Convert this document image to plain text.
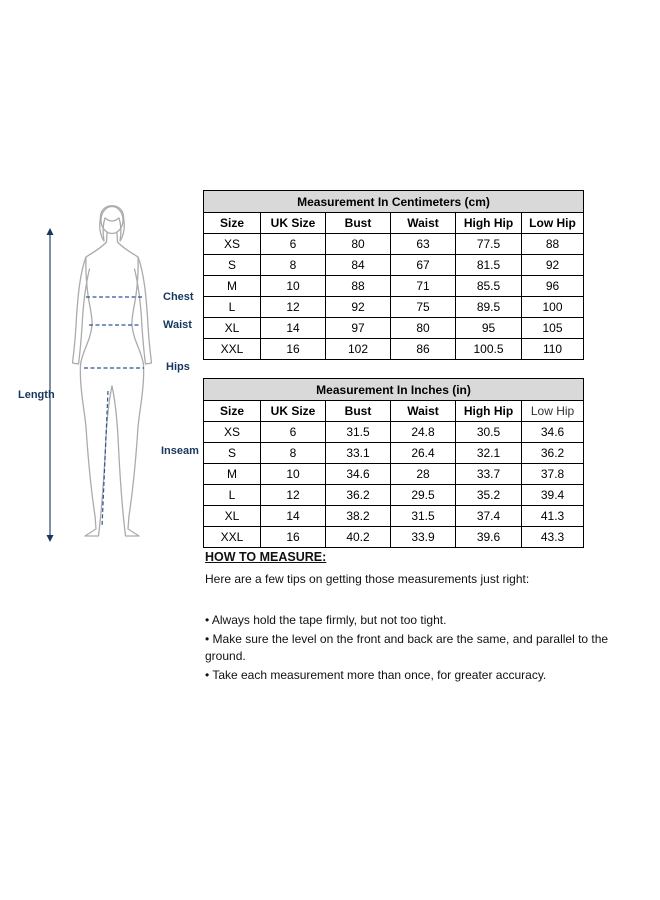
Chest
Waist
Hips
Length
Inseam
Measurement In Centimeters (cm)					
Size	UK Size	Bust	Waist	High Hip	Low Hip
XS	6	80	63	77.5	88
S	8	84	67	81.5	92
M	10	88	71	85.5	96
L	12	92	75	89.5	100
XL	14	97	80	95	105
XXL	16	102	86	100.5	110
Measurement In Inches (in)					
Size	UK Size	Bust	Waist	High Hip	Low Hip
XS	6	31.5	24.8	30.5	34.6
S	8	33.1	26.4	32.1	36.2
M	10	34.6	28	33.7	37.8
L	12	36.2	29.5	35.2	39.4
XL	14	38.2	31.5	37.4	41.3
XXL	16	40.2	33.9	39.6	43.3
HOW TO MEASURE:
Here are a few tips on getting those measurements just right:
• Always hold the tape firmly, but not too tight.
• Make sure the level on the front and back are the same, and parallel to the ground.
• Take each measurement more than once, for greater accuracy.
